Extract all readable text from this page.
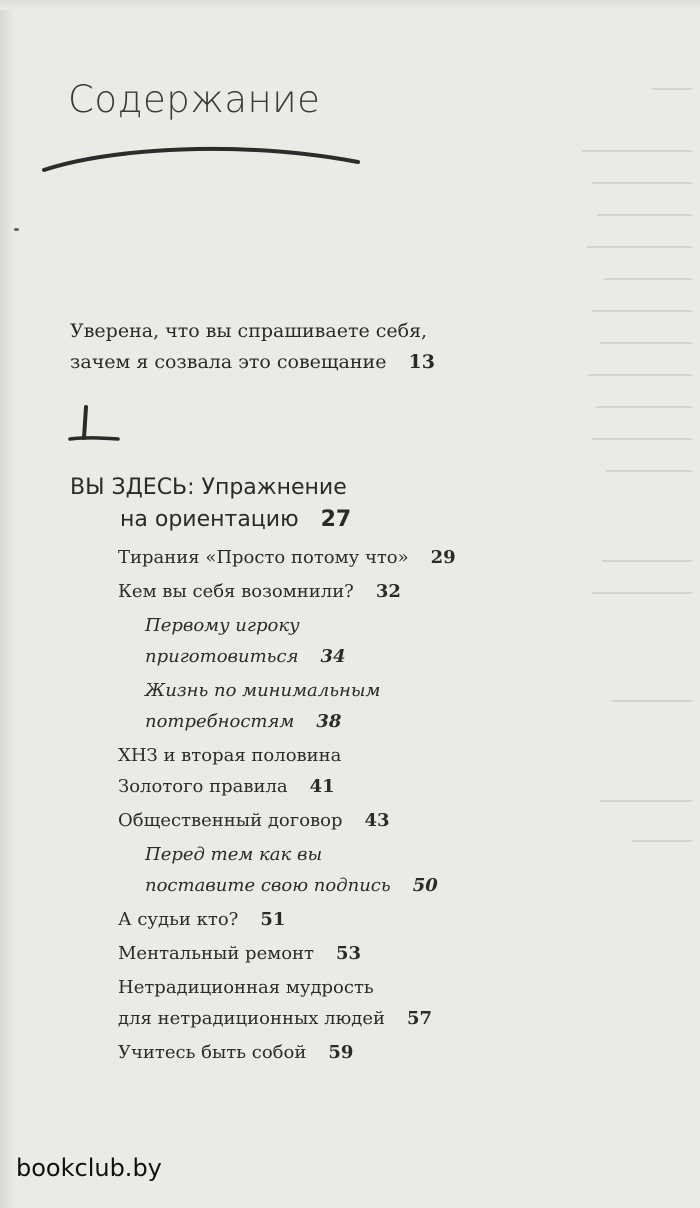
Содержание
Уверена, что вы спрашиваете себя,
зачем я созвала это совещание 13
1
ВЫ ЗДЕСЬ: Упражнение
на ориентацию 27
Тирания «Просто потому что» 29
Кем вы себя возомнили? 32
Первому игроку
приготовиться 34
Жизнь по минимальным
потребностям 38
ХНЗ и вторая половина
Золотого правила 41
Общественный договор 43
Перед тем как вы
поставите свою подпись 50
А судьи кто? 51
Ментальный ремонт 53
Нетрадиционная мудрость
для нетрадиционных людей 57
Учитесь быть собой 59
bookclub.by
